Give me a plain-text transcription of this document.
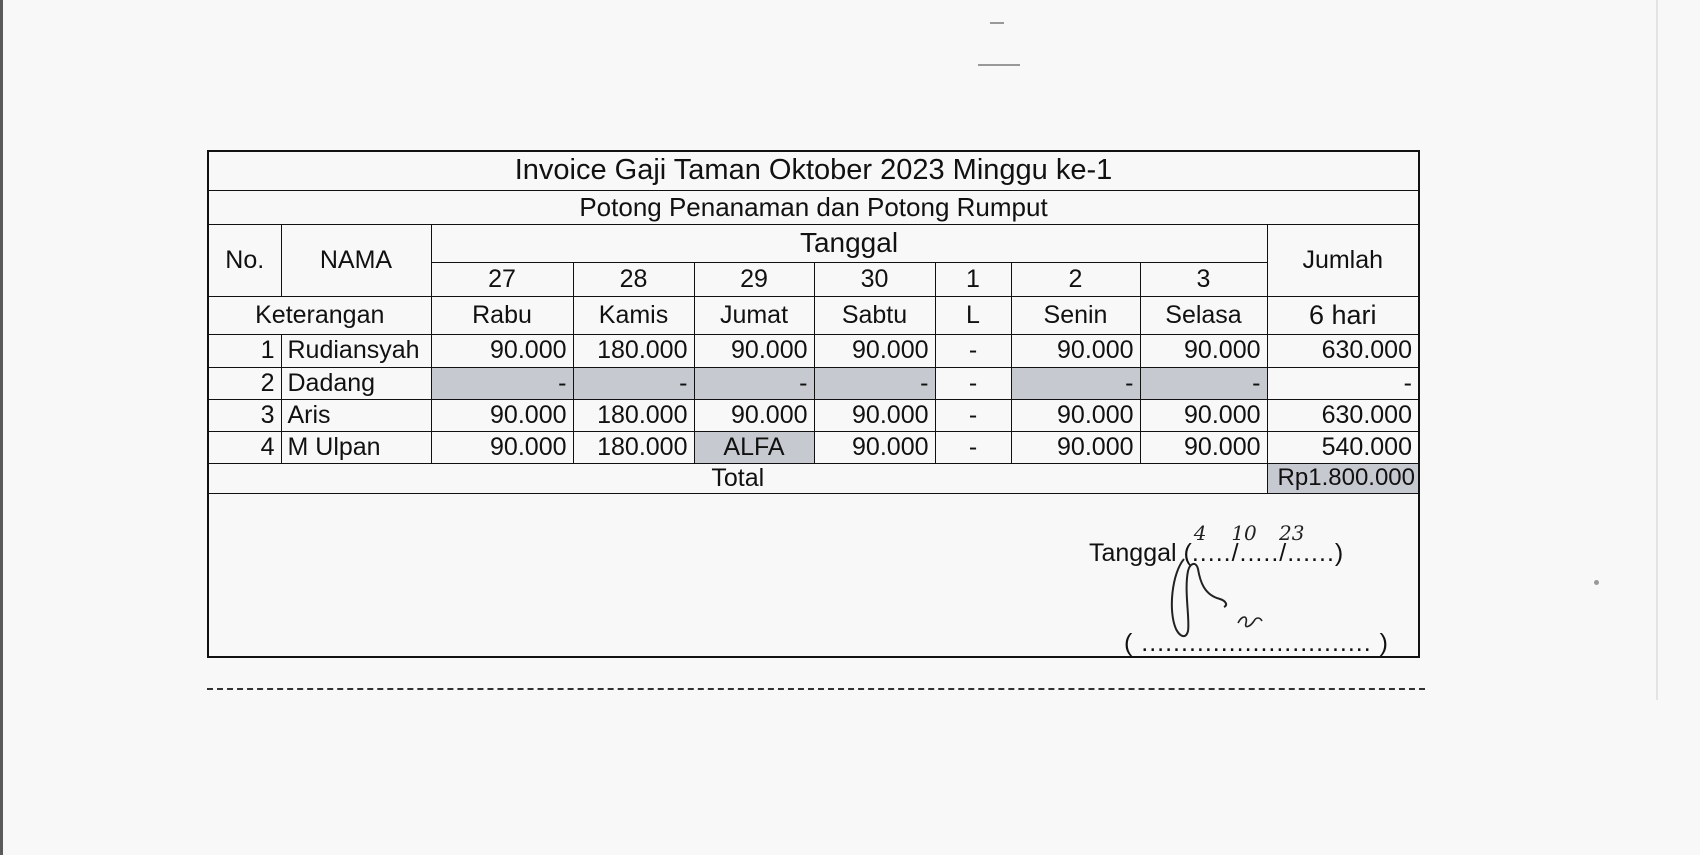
Invoice Gaji Taman Oktober 2023 Minggu ke-1									
Potong Penanaman dan Potong Rumput									
No.	NAMA	Tanggal							Jumlah
		27	28	29	30	1	2	3	
Keterangan		Rabu	Kamis	Jumat	Sabtu	L	Senin	Selasa	6 hari
1	Rudiansyah	90.000	180.000	90.000	90.000	-	90.000	90.000	630.000
2	Dadang	-	-	-	-	-	-	-	-
3	Aris	90.000	180.000	90.000	90.000	-	90.000	90.000	630.000
4	M Ulpan	90.000	180.000	ALFA	90.000	-	90.000	90.000	540.000
Total									Rp1.800.000
Tanggal (...
4
../....
10
./....
23
..)
( ............................. )
